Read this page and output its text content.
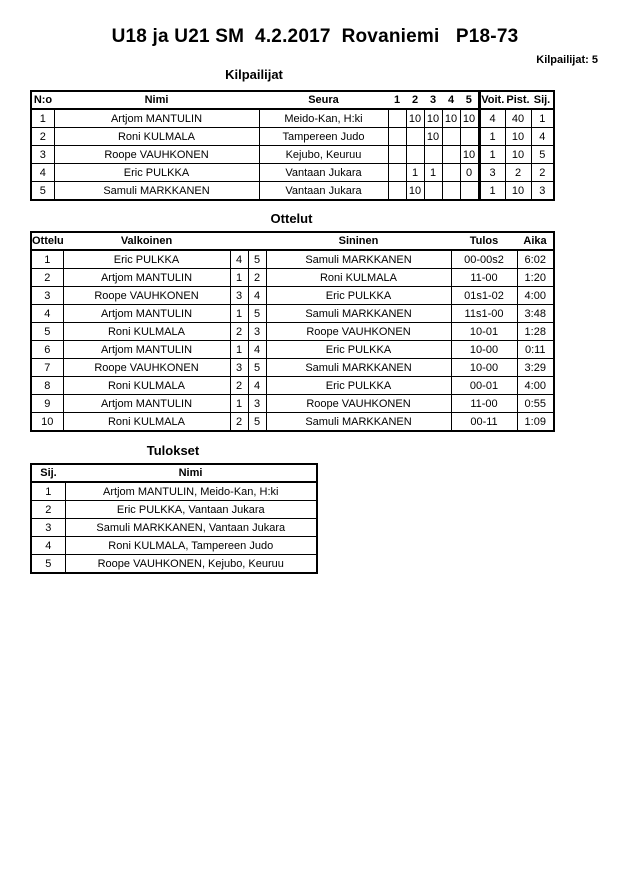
U18 ja U21 SM  4.2.2017  Rovaniemi   P18-73
Kilpailijat: 5
Kilpailijat
N:o	Nimi	Seura	1	2	3	4	5	Voit.	Pist.	Sij.
1	Artjom MANTULIN	Meido-Kan, H:ki		10	10	10	10	4	40	1
2	Roni KULMALA	Tampereen Judo			10			1	10	4
3	Roope VAUHKONEN	Kejubo, Keuruu					10	1	10	5
4	Eric PULKKA	Vantaan Jukara		1	1		0	3	2	2
5	Samuli MARKKANEN	Vantaan Jukara		10				1	10	3
Ottelut
Ottelu	Valkoinen			Sininen	Tulos	Aika
1	Eric PULKKA	4	5	Samuli MARKKANEN	00-00s2	6:02
2	Artjom MANTULIN	1	2	Roni KULMALA	11-00	1:20
3	Roope VAUHKONEN	3	4	Eric PULKKA	01s1-02	4:00
4	Artjom MANTULIN	1	5	Samuli MARKKANEN	11s1-00	3:48
5	Roni KULMALA	2	3	Roope VAUHKONEN	10-01	1:28
6	Artjom MANTULIN	1	4	Eric PULKKA	10-00	0:11
7	Roope VAUHKONEN	3	5	Samuli MARKKANEN	10-00	3:29
8	Roni KULMALA	2	4	Eric PULKKA	00-01	4:00
9	Artjom MANTULIN	1	3	Roope VAUHKONEN	11-00	0:55
10	Roni KULMALA	2	5	Samuli MARKKANEN	00-11	1:09
Tulokset
Sij.	Nimi
1	Artjom MANTULIN, Meido-Kan, H:ki
2	Eric PULKKA, Vantaan Jukara
3	Samuli MARKKANEN, Vantaan Jukara
4	Roni KULMALA, Tampereen Judo
5	Roope VAUHKONEN, Kejubo, Keuruu
